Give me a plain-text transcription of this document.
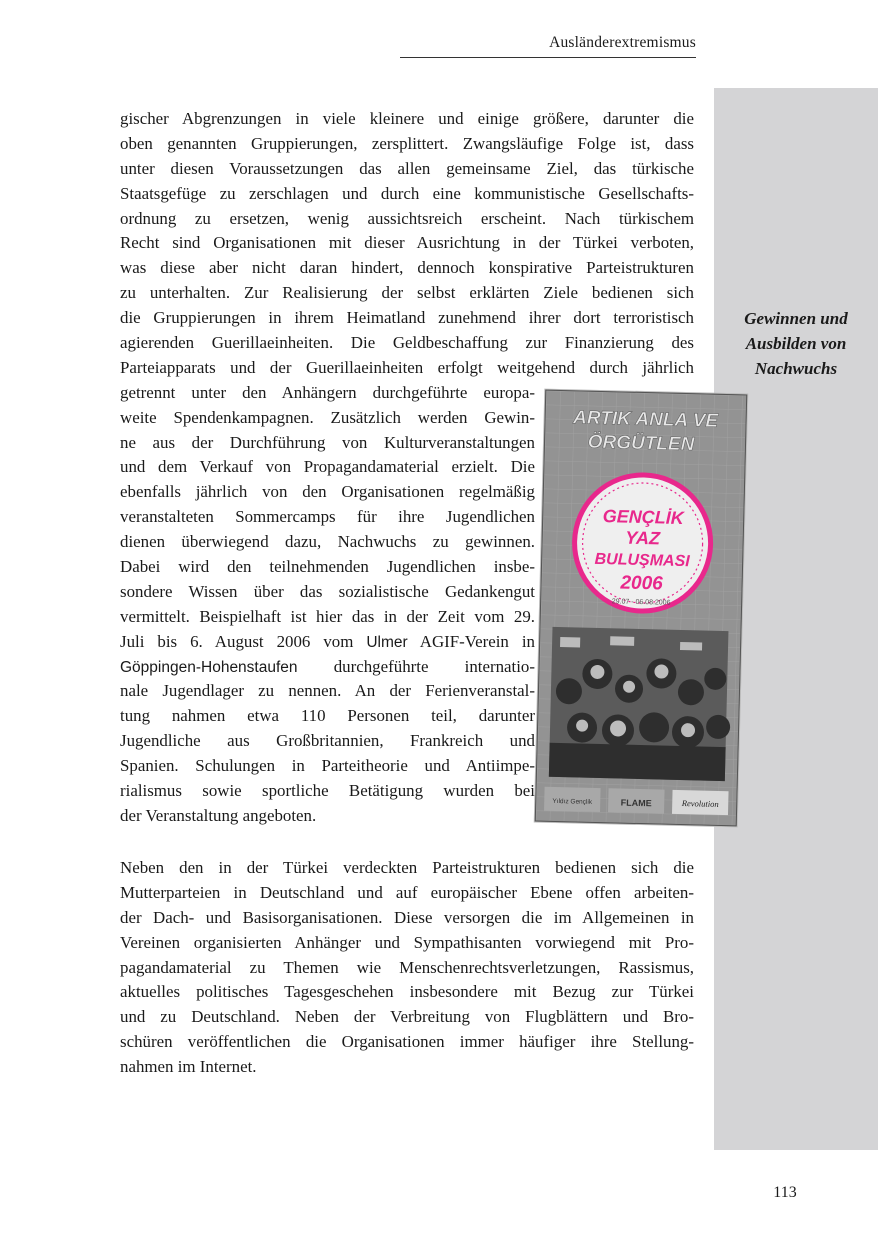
Ausländerextremismus
Gewinnen und
Ausbilden von
Nachwuchs
gischer Abgrenzungen in viele kleinere und einige größere, darunter die
oben genannten Gruppierungen, zersplittert. Zwangsläufige Folge ist, dass
unter diesen Voraussetzungen das allen gemeinsame Ziel, das türkische
Staatsgefüge zu zerschlagen und durch eine kommunistische Gesellschafts-
ordnung zu ersetzen, wenig aussichtsreich erscheint. Nach türkischem
Recht sind Organisationen mit dieser Ausrichtung in der Türkei verboten,
was diese aber nicht daran hindert, dennoch konspirative Parteistrukturen
zu unterhalten. Zur Realisierung der selbst erklärten Ziele bedienen sich
die Gruppierungen in ihrem Heimatland zunehmend ihrer dort terroristisch
agierenden Guerillaeinheiten. Die Geldbeschaffung zur Finanzierung des
Parteiapparats und der Guerillaeinheiten erfolgt weitgehend durch jährlich
getrennt unter den Anhängern durchgeführte europa-
weite Spendenkampagnen. Zusätzlich werden Gewin-
ne aus der Durchführung von Kulturveranstaltungen
und dem Verkauf von Propagandamaterial erzielt. Die
ebenfalls jährlich von den Organisationen regelmäßig
veranstalteten Sommercamps für ihre Jugendlichen
dienen überwiegend dazu, Nachwuchs zu gewinnen.
Dabei wird den teilnehmenden Jugendlichen insbe-
sondere Wissen über das sozialistische Gedankengut
vermittelt. Beispielhaft ist hier das in der Zeit vom 29.
Juli bis 6. August 2006 vom Ulmer AGIF-Verein in
Göppingen-Hohenstaufen durchgeführte internatio-
nale Jugendlager zu nennen. An der Ferienveranstal-
tung nahmen etwa 110 Personen teil, darunter
Jugendliche aus Großbritannien, Frankreich und
Spanien. Schulungen in Parteitheorie und Antiimpe-
rialismus sowie sportliche Betätigung wurden bei
der Veranstaltung angeboten.
ARTIK ANLA VE
ÖRGÜTLEN
GENÇLİK
YAZ
BULUŞMASI
2006
29.07 - 06.08.2006
Yıldız Gençlik	FLAME	Revolution
Neben den in der Türkei verdeckten Parteistrukturen bedienen sich die
Mutterparteien in Deutschland und auf europäischer Ebene offen arbeiten-
der Dach- und Basisorganisationen. Diese versorgen die im Allgemeinen in
Vereinen organisierten Anhänger und Sympathisanten vorwiegend mit Pro-
pagandamaterial zu Themen wie Menschenrechtsverletzungen, Rassismus,
aktuelles politisches Tagesgeschehen insbesondere mit Bezug zur Türkei
und zu Deutschland. Neben der Verbreitung von Flugblättern und Bro-
schüren veröffentlichen die Organisationen immer häufiger ihre Stellung-
nahmen im Internet.
113
